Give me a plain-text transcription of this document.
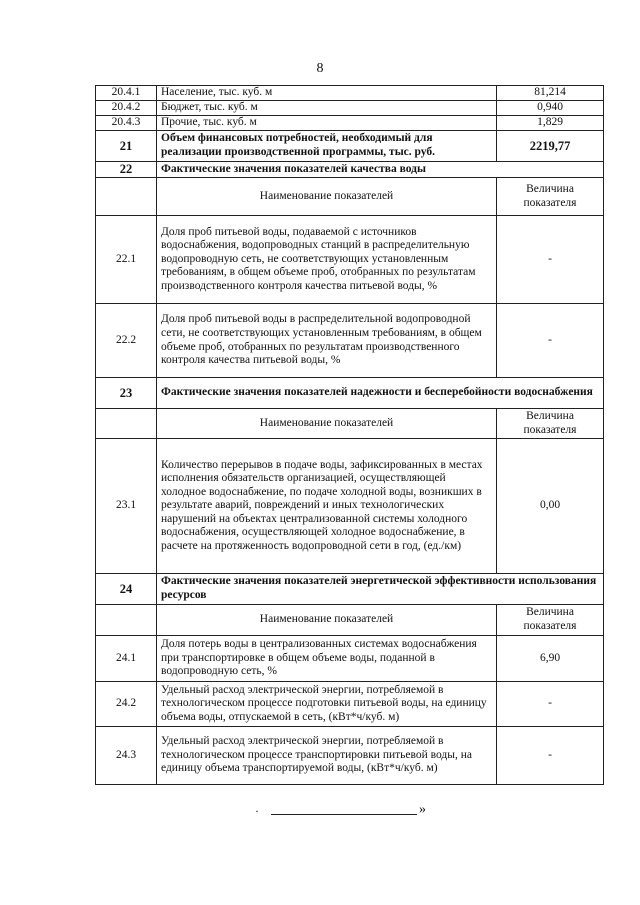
8
20.4.1	Население, тыс. куб. м	81,214
20.4.2	Бюджет, тыс. куб. м	0,940
20.4.3	Прочие, тыс. куб. м	1,829
21	Объем финансовых потребностей, необходимый для реализации производственной программы, тыс. руб.	2219,77
22	Фактические значения показателей качества воды	
	Наименование показателей	Величина показателя
22.1	Доля проб питьевой воды, подаваемой с источников водоснабжения, водопроводных станций в распределительную водопроводную сеть, не соответствующих установленным требованиям, в общем объеме проб, отобранных по результатам производственного контроля качества питьевой воды, %	-
22.2	Доля проб питьевой воды в распределительной водопроводной сети, не соответствующих установленным требованиям, в общем объеме проб, отобранных по результатам производственного контроля качества питьевой воды, %	-
23	Фактические значения показателей надежности и бесперебойности водоснабжения	
	Наименование показателей	Величина показателя
23.1	Количество перерывов в подаче воды, зафиксированных в местах исполнения обязательств организацией, осуществляющей холодное водоснабжение, по подаче холодной воды, возникших в результате аварий, повреждений и иных технологических нарушений на объектах централизованной системы холодного водоснабжения, осуществляющей холодное водоснабжение, в расчете на протяженность водопроводной сети в год, (ед./км)	0,00
24	Фактические значения показателей энергетической эффективности использования ресурсов	
	Наименование показателей	Величина показателя
24.1	Доля потерь воды в централизованных системах водоснабжения при транспортировке в общем объеме воды, поданной в водопроводную сеть, %	6,90
24.2	Удельный расход электрической энергии, потребляемой в технологическом процессе подготовки питьевой воды, на единицу объема воды, отпускаемой в сеть, (кВт*ч/куб. м)	-
24.3	Удельный расход электрической энергии, потребляемой в технологическом процессе транспортировки питьевой воды, на единицу объема транспортируемой воды, (кВт*ч/куб. м)	-
·	»
